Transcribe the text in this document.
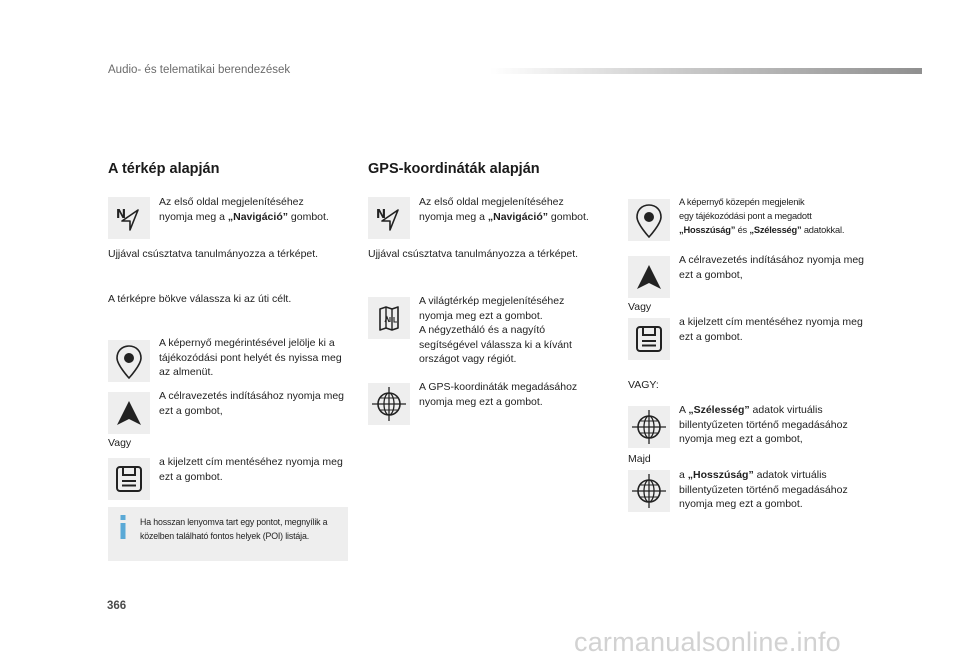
Audio- és telematikai berendezések
A térkép alapján
Az első oldal megjelenítéséhez
nyomja meg a „Navigáció” gombot.
Ujjával csúsztatva tanulmányozza a térképet.
A térképre bökve válassza ki az úti célt.
A képernyő megérintésével jelölje ki a tájékozódási pont helyét és nyissa meg az almenüt.
A célravezetés indításához nyomja meg ezt a gombot,
Vagy
a kijelzett cím mentéséhez nyomja meg ezt a gombot.
Ha hosszan lenyomva tart egy pontot, megnyílik a közelben található fontos helyek (POI) listája.
GPS-koordináták alapján
Az első oldal megjelenítéséhez
nyomja meg a „Navigáció” gombot.
Ujjával csúsztatva tanulmányozza a térképet.
A világtérkép megjelenítéséhez nyomja meg ezt a gombot.
A négyzetháló és a nagyító segítségével válassza ki a kívánt országot vagy régiót.
A GPS-koordináták megadásához nyomja meg ezt a gombot.
A képernyő közepén megjelenik
egy tájékozódási pont a megadott
„Hosszúság” és „Szélesség” adatokkal.
A célravezetés indításához nyomja meg ezt a gombot,
Vagy
a kijelzett cím mentéséhez nyomja meg ezt a gombot.
VAGY:
A „Szélesség” adatok virtuális billentyűzeten történő megadásához nyomja meg ezt a gombot,
Majd
a „Hosszúság” adatok virtuális billentyűzeten történő megadásához nyomja meg ezt a gombot.
366
carmanualsonline.info
